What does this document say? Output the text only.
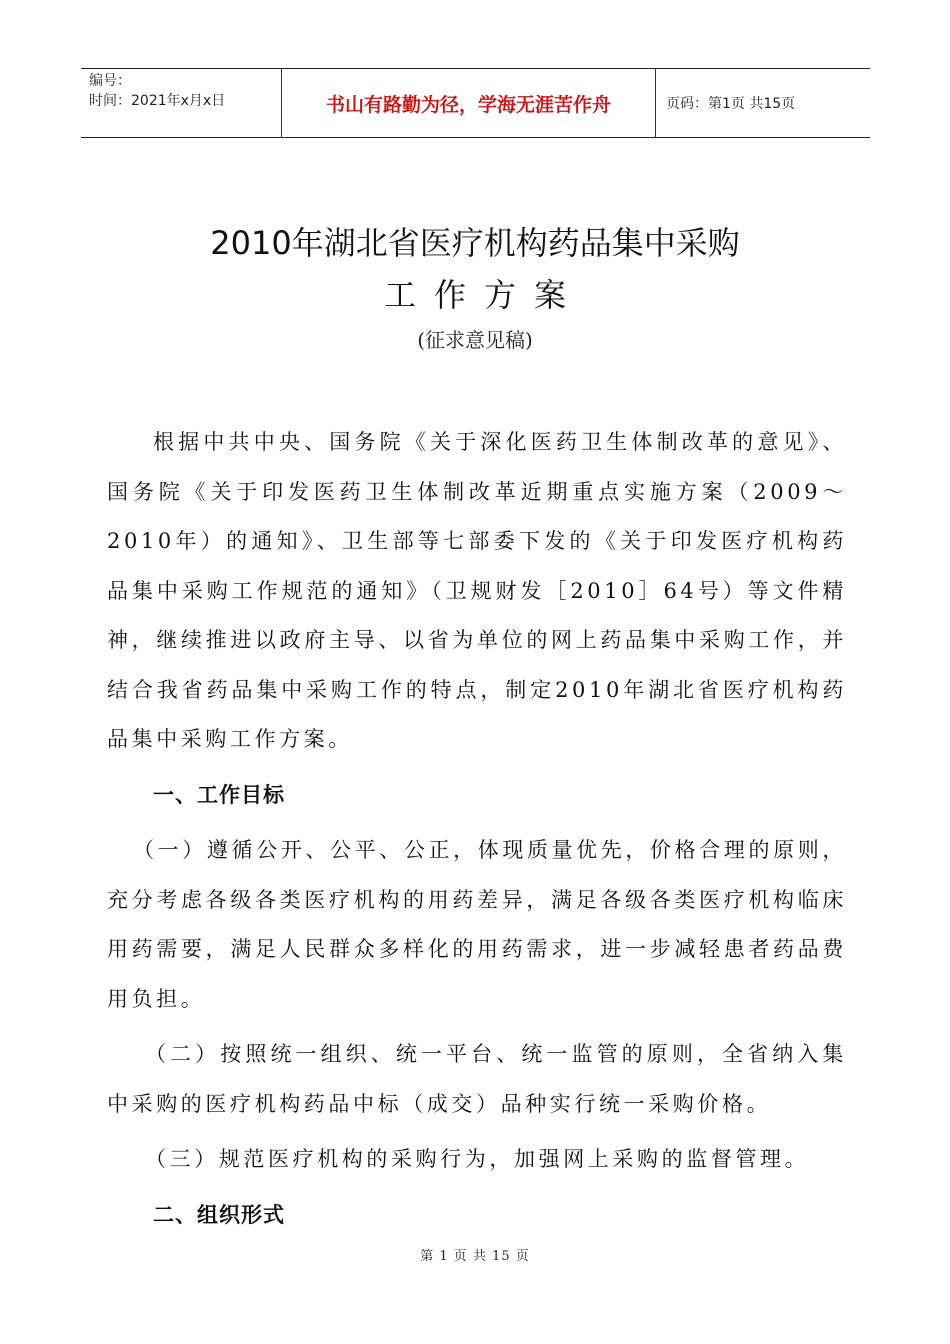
编号：
时间：2021年x月x日	书山有路勤为径，学海无涯苦作舟	页码：第1页 共15页
2010年湖北省医疗机构药品集中采购
工作方案
(征求意见稿)

根据中共中央、国务院《关于深化医药卫生体制改革的意见》、国务院《关于印发医药卫生体制改革近期重点实施方案（2009～2010年）的通知》、卫生部等七部委下发的《关于印发医疗机构药品集中采购工作规范的通知》（卫规财发［2010］64号）等文件精神，继续推进以政府主导、以省为单位的网上药品集中采购工作，并结合我省药品集中采购工作的特点，制定2010年湖北省医疗机构药品集中采购工作方案。

一、工作目标

（一）遵循公开、公平、公正，体现质量优先，价格合理的原则，充分考虑各级各类医疗机构的用药差异，满足各级各类医疗机构临床用药需要，满足人民群众多样化的用药需求，进一步减轻患者药品费用负担。

（二）按照统一组织、统一平台、统一监管的原则，全省纳入集中采购的医疗机构药品中标（成交）品种实行统一采购价格。

（三）规范医疗机构的采购行为，加强网上采购的监督管理。

二、组织形式
第 1 页 共 15 页
